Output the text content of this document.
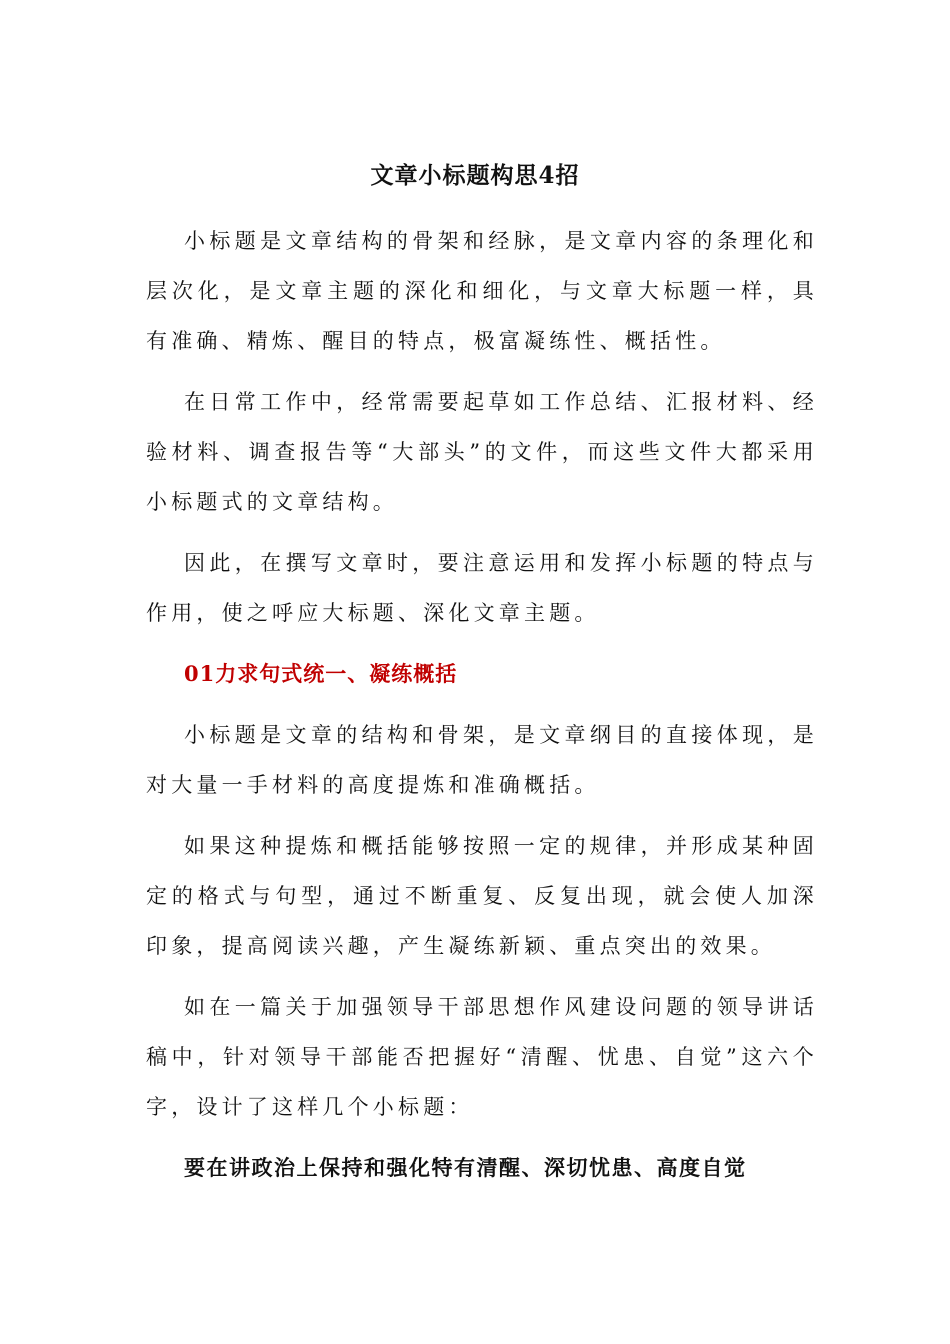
文章小标题构思4招

小标题是文章结构的骨架和经脉，是文章内容的条理化和层次化，是文章主题的深化和细化，与文章大标题一样，具有准确、精炼、醒目的特点，极富凝练性、概括性。

在日常工作中，经常需要起草如工作总结、汇报材料、经验材料、调查报告等“大部头”的文件，而这些文件大都采用小标题式的文章结构。

因此，在撰写文章时，要注意运用和发挥小标题的特点与作用，使之呼应大标题、深化文章主题。

01力求句式统一、凝练概括

小标题是文章的结构和骨架，是文章纲目的直接体现，是对大量一手材料的高度提炼和准确概括。

如果这种提炼和概括能够按照一定的规律，并形成某种固定的格式与句型，通过不断重复、反复出现，就会使人加深印象，提高阅读兴趣，产生凝练新颖、重点突出的效果。

如在一篇关于加强领导干部思想作风建设问题的领导讲话稿中，针对领导干部能否把握好“清醒、忧患、自觉”这六个字，设计了这样几个小标题：

要在讲政治上保持和强化特有清醒、深切忧患、高度自觉
